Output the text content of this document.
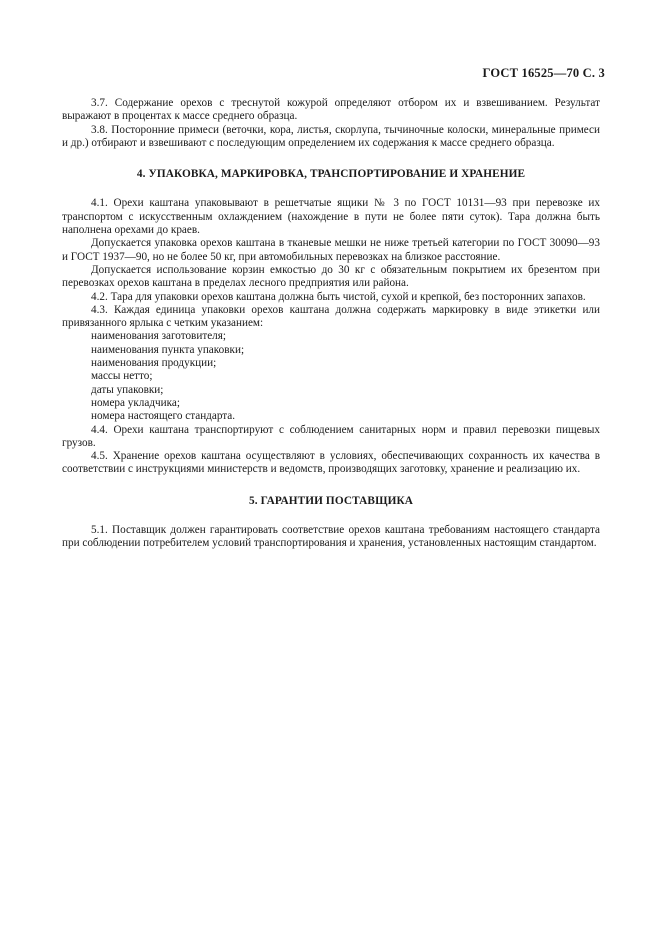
ГОСТ 16525—70 С. 3

3.7. Содержание орехов с треснутой кожурой определяют отбором их и взвешиванием. Результат выражают в процентах к массе среднего образца.

3.8. Посторонние примеси (веточки, кора, листья, скорлупа, тычиночные колоски, минеральные примеси и др.) отбирают и взвешивают с последующим определением их содержания к массе среднего образца.

4. УПАКОВКА, МАРКИРОВКА, ТРАНСПОРТИРОВАНИЕ И ХРАНЕНИЕ

4.1. Орехи каштана упаковывают в решетчатые ящики № 3 по ГОСТ 10131—93 при перевозке их транспортом с искусственным охлаждением (нахождение в пути не более пяти суток). Тара должна быть наполнена орехами до краев.

Допускается упаковка орехов каштана в тканевые мешки не ниже третьей категории по ГОСТ 30090—93 и ГОСТ 1937—90, но не более 50 кг, при автомобильных перевозках на близкое расстояние.

Допускается использование корзин емкостью до 30 кг с обязательным покрытием их брезентом при перевозках орехов каштана в пределах лесного предприятия или района.

4.2. Тара для упаковки орехов каштана должна быть чистой, сухой и крепкой, без посторонних запахов.

4.3. Каждая единица упаковки орехов каштана должна содержать маркировку в виде этикетки или привязанного ярлыка с четким указанием:

наименования заготовителя;

наименования пункта упаковки;

наименования продукции;

массы нетто;

даты упаковки;

номера укладчика;

номера настоящего стандарта.

4.4. Орехи каштана транспортируют с соблюдением санитарных норм и правил перевозки пищевых грузов.

4.5. Хранение орехов каштана осуществляют в условиях, обеспечивающих сохранность их качества в соответствии с инструкциями министерств и ведомств, производящих заготовку, хранение и реализацию их.

5. ГАРАНТИИ ПОСТАВЩИКА

5.1. Поставщик должен гарантировать соответствие орехов каштана требованиям настоящего стандарта при соблюдении потребителем условий транспортирования и хранения, установленных настоящим стандартом.
